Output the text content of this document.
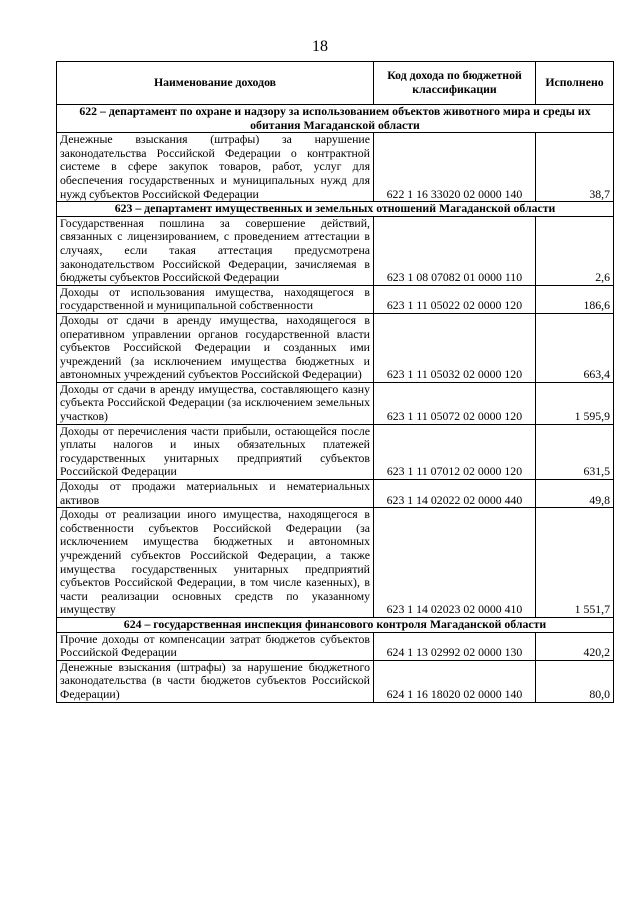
18
Наименование доходов	Код дохода по бюджетной классификации	Исполнено
622 – департамент по охране и надзору за использованием объектов животного мира и среды их обитания Магаданской области		
Денежные взыскания (штрафы) за нарушение законодательства Российской Федерации о контрактной системе в сфере закупок товаров, работ, услуг для обеспечения государственных и муниципальных нужд для нужд субъектов Российской Федерации	622 1 16 33020 02 0000 140	38,7
623 – департамент имущественных и земельных отношений Магаданской области		
Государственная пошлина за совершение действий, связанных с лицензированием, с проведением аттестации в случаях, если такая аттестация предусмотрена законодательством Российской Федерации, зачисляемая в бюджеты субъектов Российской Федерации	623 1 08 07082 01 0000 110	2,6
Доходы от использования имущества, находящегося в государственной и муниципальной собственности	623 1 11 05022 02 0000 120	186,6
Доходы от сдачи в аренду имущества, находящегося в оперативном управлении органов государственной власти субъектов Российской Федерации и созданных ими учреждений (за исключением имущества бюджетных и автономных учреждений субъектов Российской Федерации)	623 1 11 05032 02 0000 120	663,4
Доходы от сдачи в аренду имущества, составляющего казну субъекта Российской Федерации (за исключением земельных участков)	623 1 11 05072 02 0000 120	1 595,9
Доходы от перечисления части прибыли, остающейся после уплаты налогов и иных обязательных платежей государственных унитарных предприятий субъектов Российской Федерации	623 1 11 07012 02 0000 120	631,5
Доходы от продажи материальных и нематериальных активов	623 1 14 02022 02 0000 440	49,8
Доходы от реализации иного имущества, находящегося в собственности субъектов Российской Федерации (за исключением имущества бюджетных и автономных учреждений субъектов Российской Федерации, а также имущества государственных унитарных предприятий субъектов Российской Федерации, в том числе казенных), в части реализации основных средств по указанному имуществу	623 1 14 02023 02 0000 410	1 551,7
624 – государственная инспекция финансового контроля Магаданской области		
Прочие доходы от компенсации затрат бюджетов субъектов Российской Федерации	624 1 13 02992 02 0000 130	420,2
Денежные взыскания (штрафы) за нарушение бюджетного законодательства (в части бюджетов субъектов Российской Федерации)	624 1 16 18020 02 0000 140	80,0
